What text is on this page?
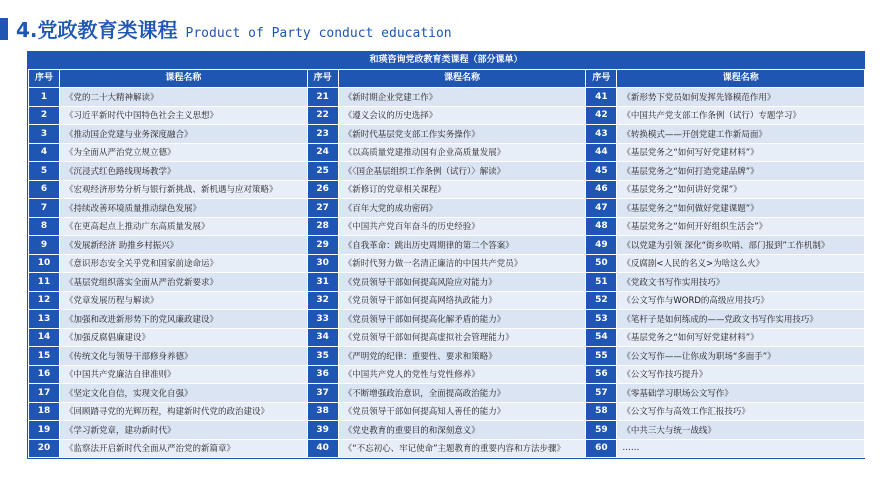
4.党政教育类课程 Product of Party conduct education
和瑛咨询党政教育类课程（部分课单）
序号	课程名称	序号	课程名称	序号	课程名称
1	《党的二十大精神解读》	21	《新时期企业党建工作》	41	《新形势下党员如何发挥先锋模范作用》
2	《习近平新时代中国特色社会主义思想》	22	《遵义会议的历史选择》	42	《中国共产党支部工作条例（试行）专题学习》
3	《推动国企党建与业务深度融合》	23	《新时代基层党支部工作实务操作》	43	《转换模式——开创党建工作新局面》
4	《为全面从严治党立规立德》	24	《以高质量党建推动国有企业高质量发展》	44	《基层党务之“如何写好党建材料”》
5	《沉浸式红色路线现场教学》	25	《〈国企基层组织工作条例（试行）〉解读》	45	《基层党务之“如何打造党建品牌”》
6	《宏观经济形势分析与银行新挑战、新机遇与应对策略》	26	《新修订的党章相关课程》	46	《基层党务之“如何讲好党课”》
7	《持续改善环境质量推动绿色发展》	27	《百年大党的成功密码》	47	《基层党务之“如何做好党建课题”》
8	《在更高起点上推动广东高质量发展》	28	《中国共产党百年奋斗的历史经验》	48	《基层党务之“如何开好组织生活会”》
9	《发展新经济 助推乡村振兴》	29	《自我革命：跳出历史周期律的第二个答案》	49	《以党建为引领 深化“街乡吹哨、部门报到”工作机制》
10	《意识形态安全关乎党和国家前途命运》	30	《新时代努力做一名清正廉洁的中国共产党员》	50	《反腐剧<人民的名义>为啥这么火》
11	《基层党组织落实全面从严治党新要求》	31	《党员领导干部如何提高风险应对能力》	51	《党政文书写作实用技巧》
12	《党章发展历程与解读》	32	《党员领导干部如何提高网络执政能力》	52	《公文写作与WORD的高级应用技巧》
13	《加强和改进新形势下的党风廉政建设》	33	《党员领导干部如何提高化解矛盾的能力》	53	《笔杆子是如何练成的——党政文书写作实用技巧》
14	《加强反腐倡廉建设》	34	《党员领导干部如何提高虚拟社会管理能力》	54	《基层党务之“如何写好党建材料”》
15	《传统文化与领导干部修身养德》	35	《严明党的纪律：重要性、要求和策略》	55	《公文写作——让你成为职场“多面手”》
16	《中国共产党廉洁自律准则》	36	《中国共产党人的党性与党性修养》	56	《公文写作技巧提升》
17	《坚定文化自信，实现文化自强》	37	《不断增强政治意识，全面提高政治能力》	57	《零基础学习职场公文写作》
18	《回顾踏寻党的光辉历程，构建新时代党的政治建设》	38	《党员领导干部如何提高知人善任的能力》	58	《公文写作与高效工作汇报技巧》
19	《学习新党章，建功新时代》	39	《党史教育的重要目的和深刻意义》	59	《中共三大与统一战线》
20	《监察法开启新时代全面从严治党的新篇章》	40	《“不忘初心、牢记使命”主题教育的重要内容和方法步骤》	60	……
